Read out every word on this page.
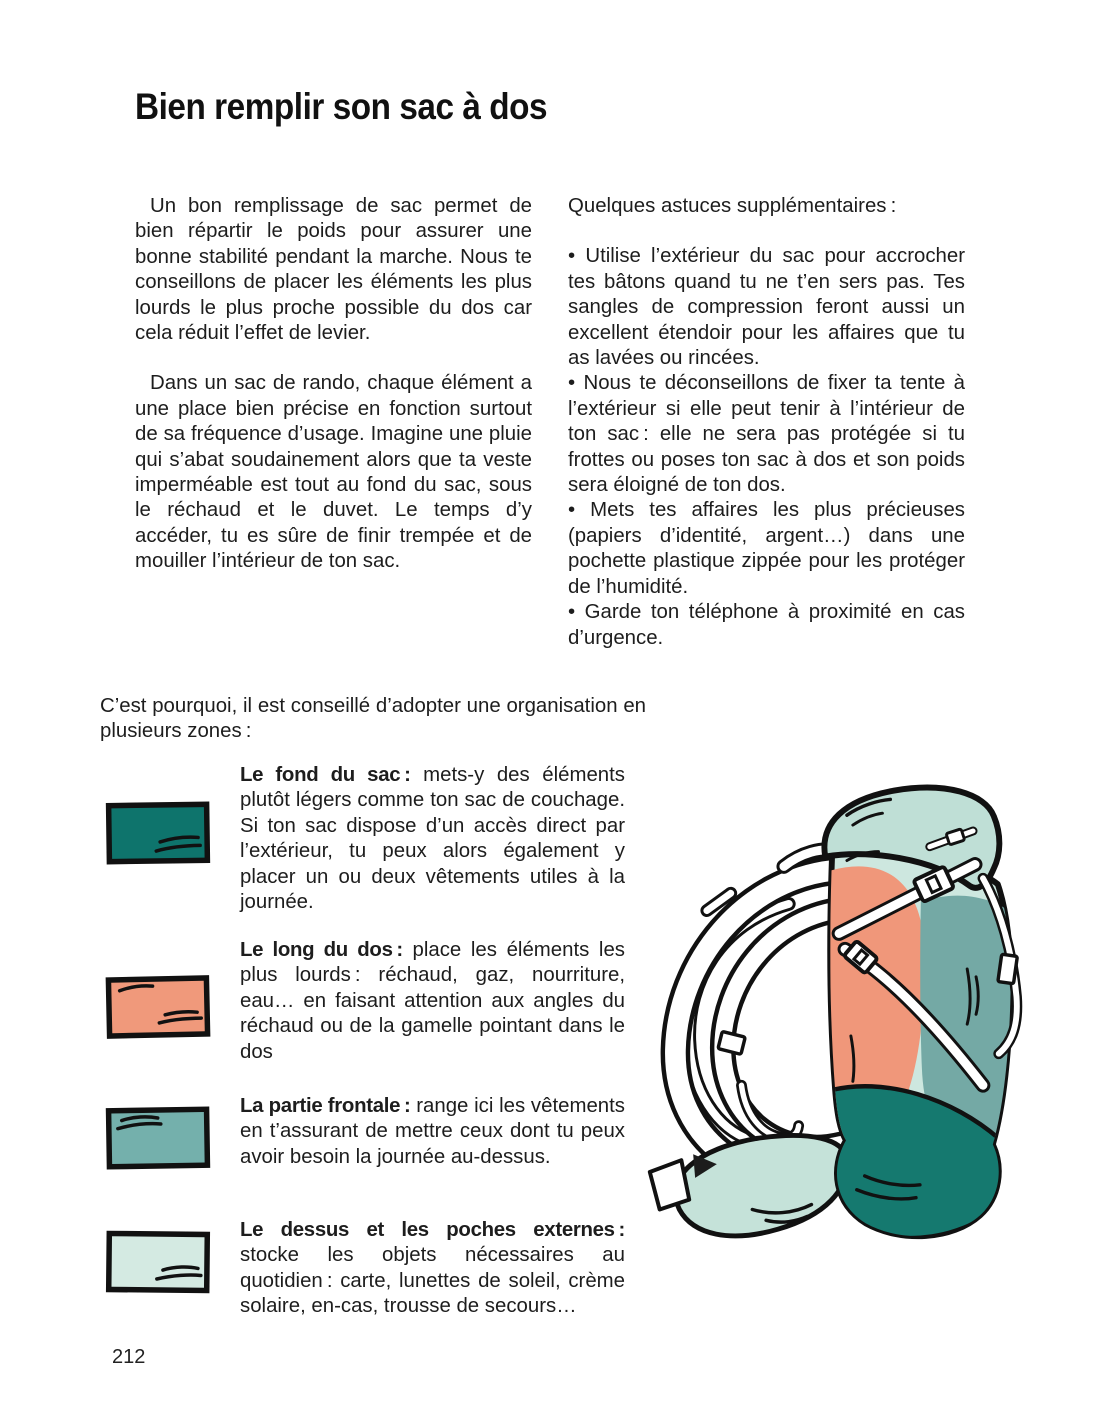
Bien remplir son sac à dos

Un bon remplissage de sac permet de bien répartir le poids pour assurer une bonne stabilité pendant la marche. Nous te conseillons de placer les éléments les plus lourds le plus proche possible du dos car cela réduit l’effet de levier.

Dans un sac de rando, chaque élément a une place bien précise en fonction surtout de sa fréquence d’usage. Imagine une pluie qui s’abat soudainement alors que ta veste imperméable est tout au fond du sac, sous le réchaud et le duvet. Le temps d’y accéder, tu es sûre de finir trempée et de mouiller l’intérieur de ton sac.

Quelques astuces supplémentaires :

• Utilise l’extérieur du sac pour accrocher tes bâtons quand tu ne t’en sers pas. Tes sangles de compression feront aussi un excellent étendoir pour les affaires que tu as lavées ou rincées.

• Nous te déconseillons de fixer ta tente à l’extérieur si elle peut tenir à l’intérieur de ton sac : elle ne sera pas protégée si tu frottes ou poses ton sac à dos et son poids sera éloigné de ton dos.

• Mets tes affaires les plus précieuses (papiers d’identité, argent…) dans une pochette plastique zippée pour les protéger de l’humidité.

• Garde ton téléphone à proximité en cas d’urgence.

C’est pourquoi, il est conseillé d’adopter une organisation en plusieurs zones :

Le fond du sac : mets-y des éléments plutôt légers comme ton sac de couchage. Si ton sac dispose d’un accès direct par l’extérieur, tu peux alors également y placer un ou deux vêtements utiles à la journée.

Le long du dos : place les éléments les plus lourds : réchaud, gaz, nourriture, eau… en faisant attention aux angles du réchaud ou de la gamelle pointant dans le dos

La partie frontale : range ici les vêtements en t’assurant de mettre ceux dont tu peux avoir besoin la journée au-dessus.

Le dessus et les poches externes : stocke les objets nécessaires au quotidien : carte, lunettes de soleil, crème solaire, en-cas, trousse de secours…

212
